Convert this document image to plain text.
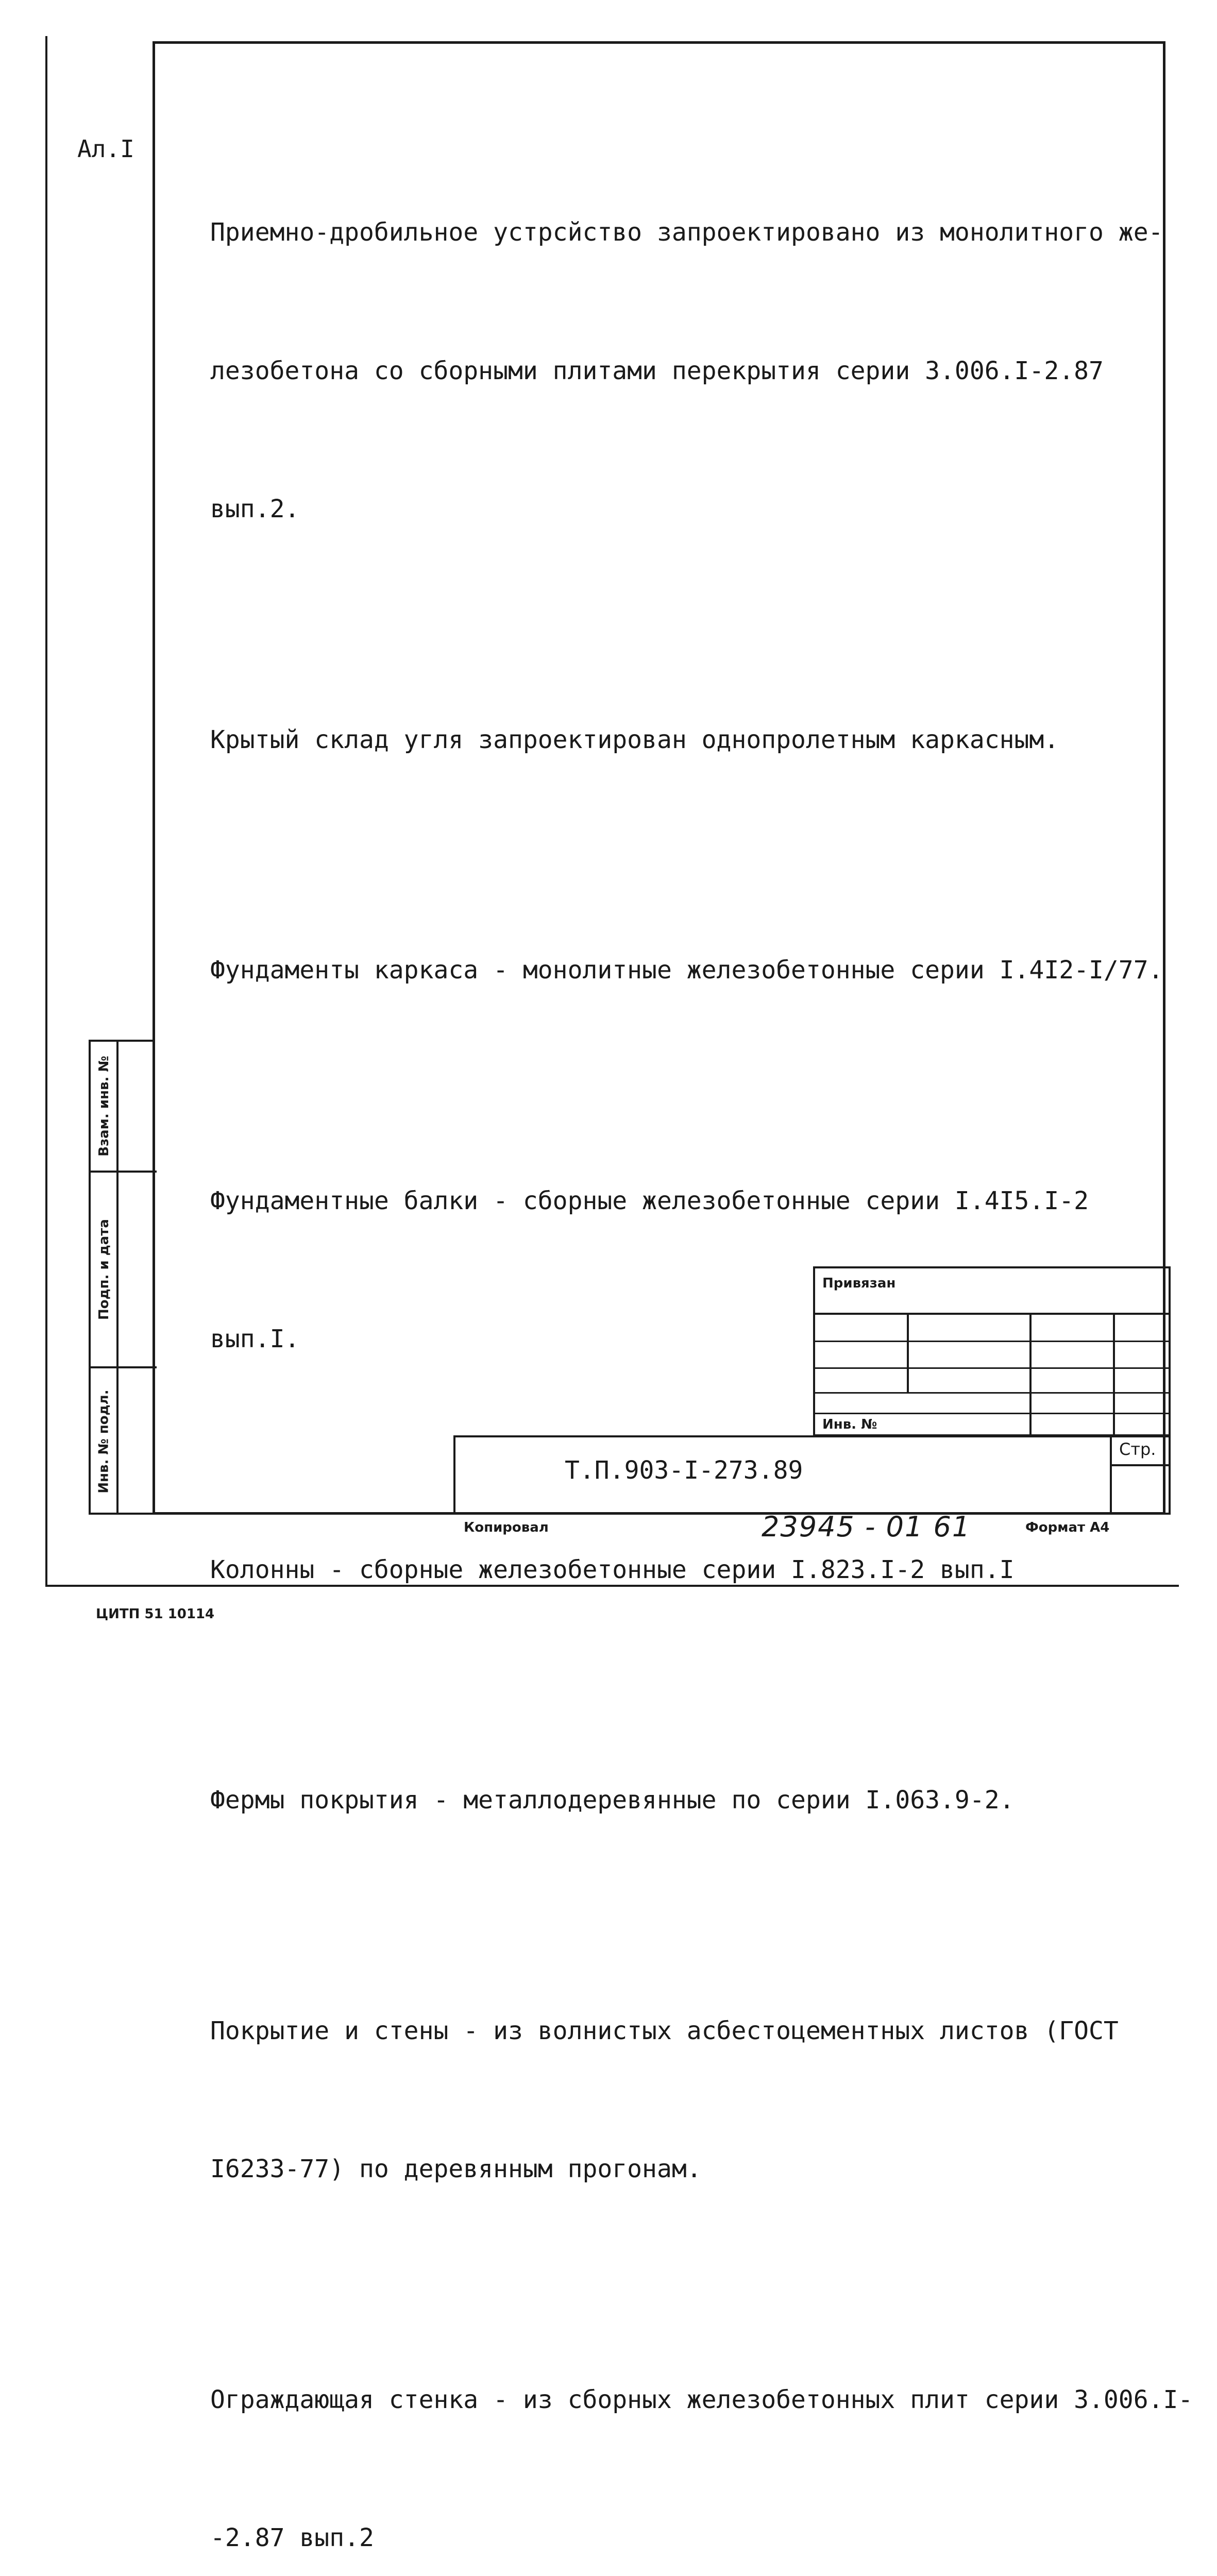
Ал.I

Приемно-дробильное устрсйство запроектировано из монолитного же-

лезобетона со сборными плитами перекрытия серии 3.006.I-2.87

вып.2.

Крытый склад угля запроектирован однопролетным каркасным.

Фундаменты каркаса - монолитные железобетонные серии I.4I2-I/77.

Фундаментные балки - сборные железобетонные серии I.4I5.I-2

вып.I.

Колонны - сборные железобетонные серии I.823.I-2 вып.I

Фермы покрытия - металлодеревянные по серии I.063.9-2.

Покрытие и стены - из волнистых асбестоцементных листов (ГОСТ

I6233-77) по деревянным прогонам.

Ограждающая стенка - из сборных железобетонных плит серии 3.006.I-

-2.87 вып.2

Взам. инв. №
Подп. и дата
Инв. № подл.
Привязан
Инв. №
Т.П.903-I-273.89
Стр.
Копировал	23945 - 01 61	Формат А4
ЦИТП 51 10114
